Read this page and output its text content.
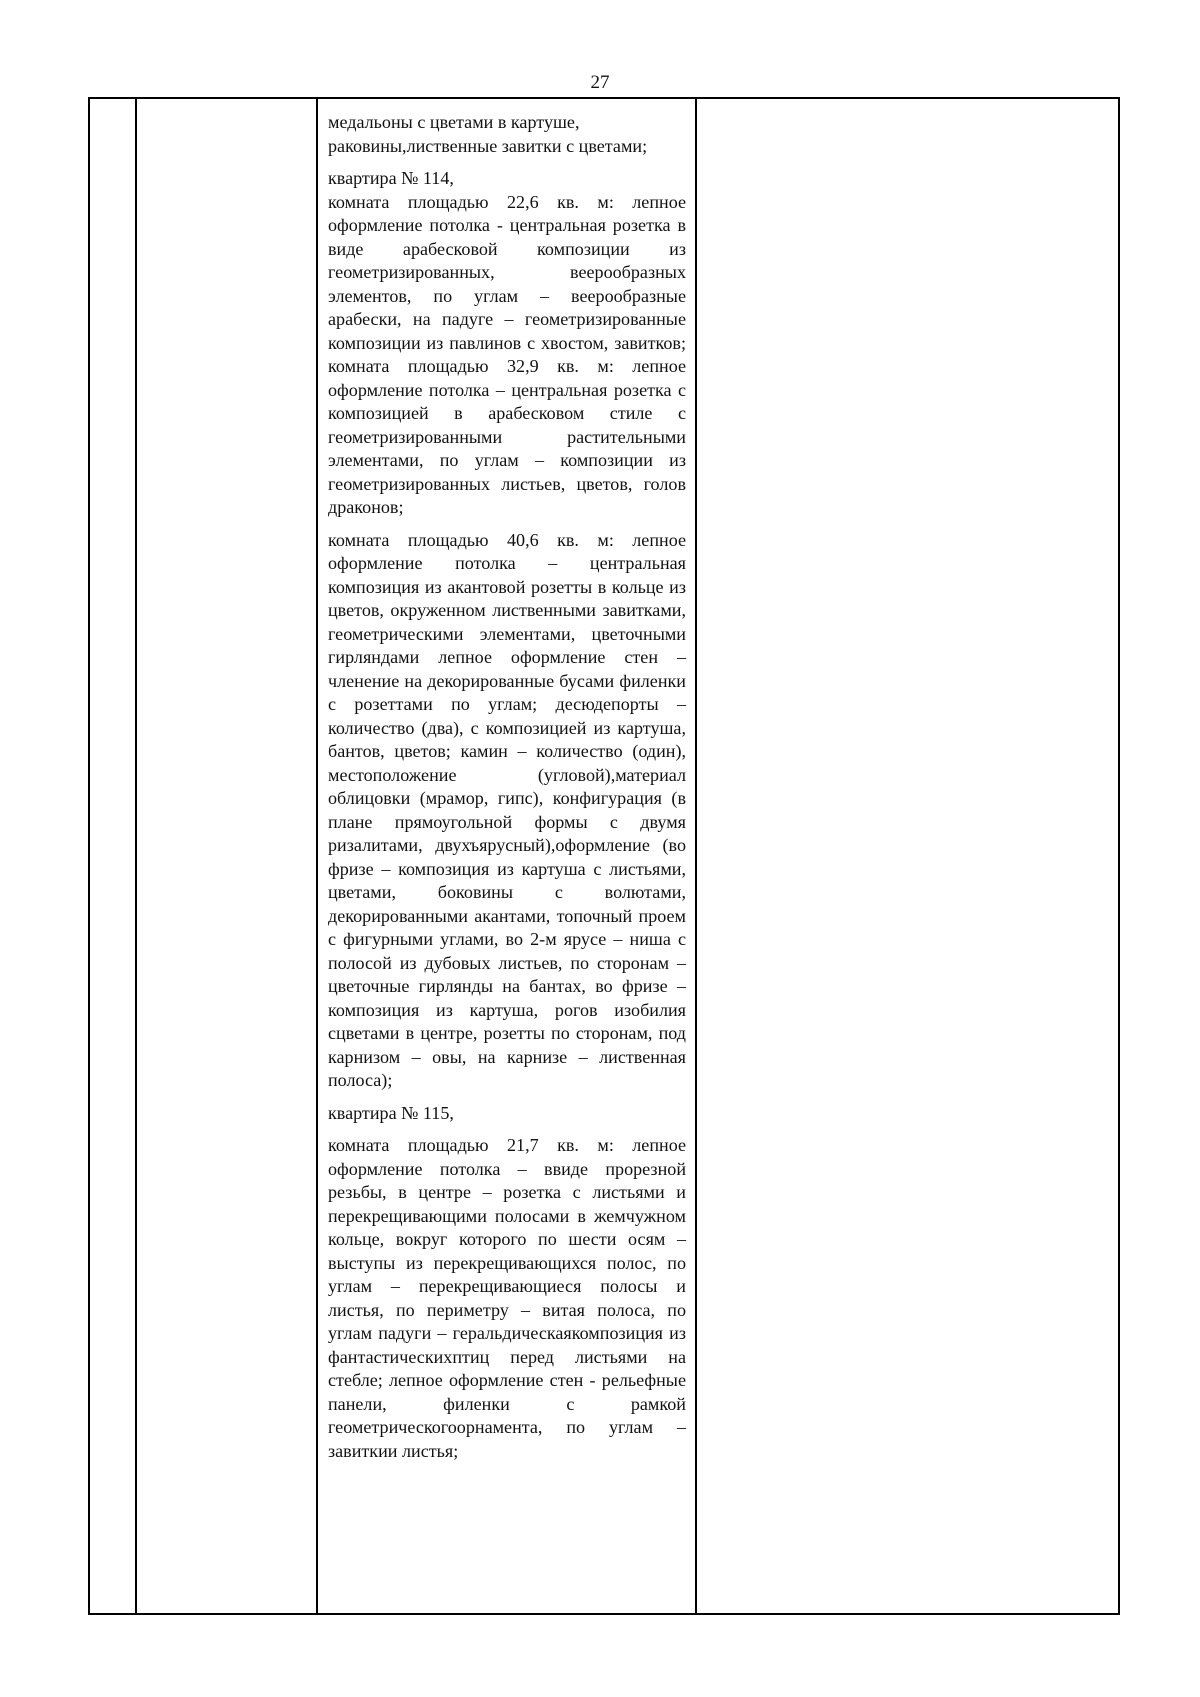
27

медальоны с цветами в картуше, раковины,лиственные завитки с цветами;

квартира № 114,

комната площадью 22,6 кв. м: лепное оформление потолка - центральная розетка в виде арабесковой композиции из геометризированных, веерообразных элементов, по углам – веерообразные арабески, на падуге – геометризированные композиции из павлинов с хвостом, завитков; комната площадью 32,9 кв. м: лепное оформление потолка – центральная розетка с композицией в арабесковом стиле с геометризированными растительными элементами, по углам – композиции из геометризированных листьев, цветов, голов драконов;

комната площадью 40,6 кв. м: лепное оформление потолка – центральная композиция из акантовой розетты в кольце из цветов, окруженном лиственными завитками, геометрическими элементами, цветочными гирляндами лепное оформление стен – членение на декорированные бусами филенки с розеттами по углам; десюдепорты – количество (два), с композицией из картуша, бантов, цветов; камин – количество (один), местоположение (угловой),материал облицовки (мрамор, гипс), конфигурация (в плане прямоугольной формы с двумя ризалитами, двухъярусный),оформление (во фризе – композиция из картуша с листьями, цветами, боковины с волютами, декорированными акантами, топочный проем с фигурными углами, во 2-м ярусе – ниша с полосой из дубовых листьев, по сторонам – цветочные гирлянды на бантах, во фризе – композиция из картуша, рогов изобилия сцветами в центре, розетты по сторонам, под карнизом – овы, на карнизе – лиственная полоса);

квартира № 115,

комната площадью 21,7 кв. м: лепное оформление потолка – ввиде прорезной резьбы, в центре – розетка с листьями и перекрещивающими полосами в жемчужном кольце, вокруг которого по шести осям – выступы из перекрещивающихся полос, по углам – перекрещивающиеся полосы и листья, по периметру – витая полоса, по углам падуги – геральдическаякомпозиция из фантастическихптиц перед листьями на стебле; лепное оформление стен - рельефные панели, филенки с рамкой геометрическогоорнамента, по углам – завиткии листья;
